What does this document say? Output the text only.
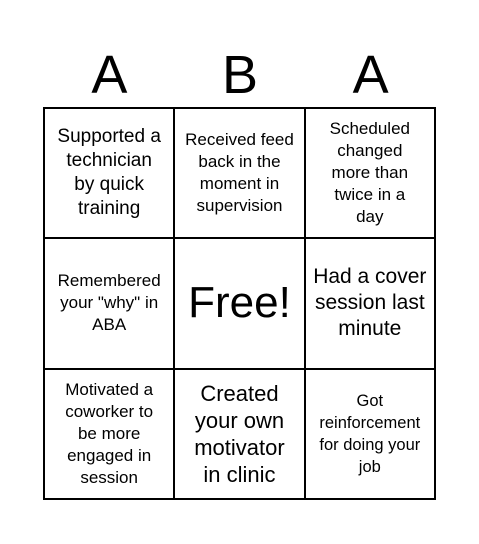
A	B	A
Supported a technician by quick training
Received feed back in the moment in supervision
Scheduled changed more than twice in a day
Remembered your "why" in ABA	Free!
Had a cover session last minute
Motivated a coworker to be more engaged in session
Created your own motivator in clinic
Got reinforcement for doing your job
